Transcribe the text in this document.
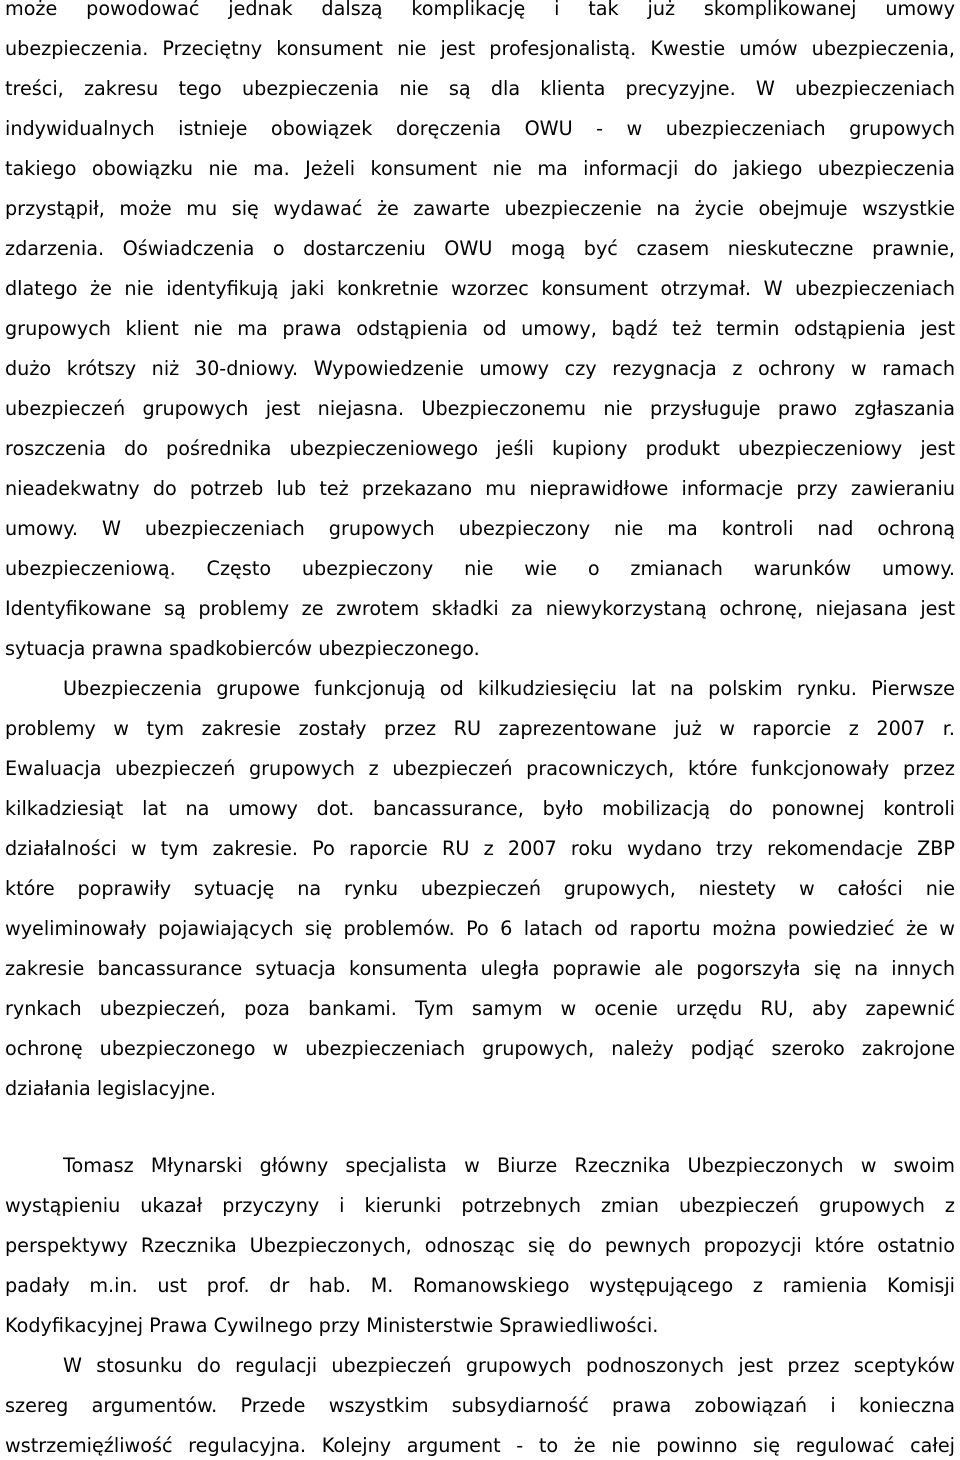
może powodować jednak dalszą komplikację i tak już skomplikowanej umowy
ubezpieczenia. Przeciętny konsument nie jest profesjonalistą. Kwestie umów ubezpieczenia,
treści, zakresu tego ubezpieczenia nie są dla klienta precyzyjne. W ubezpieczeniach
indywidualnych istnieje obowiązek doręczenia OWU - w ubezpieczeniach grupowych
takiego obowiązku nie ma. Jeżeli konsument nie ma informacji do jakiego ubezpieczenia
przystąpił, może mu się wydawać że zawarte ubezpieczenie na życie obejmuje wszystkie
zdarzenia. Oświadczenia o dostarczeniu OWU mogą być czasem nieskuteczne prawnie,
dlatego że nie identyfikują jaki konkretnie wzorzec konsument otrzymał. W ubezpieczeniach
grupowych klient nie ma prawa odstąpienia od umowy, bądź też termin odstąpienia jest
dużo krótszy niż 30-dniowy. Wypowiedzenie umowy czy rezygnacja z ochrony w ramach
ubezpieczeń grupowych jest niejasna. Ubezpieczonemu nie przysługuje prawo zgłaszania
roszczenia do pośrednika ubezpieczeniowego jeśli kupiony produkt ubezpieczeniowy jest
nieadekwatny do potrzeb lub też przekazano mu nieprawidłowe informacje przy zawieraniu
umowy. W ubezpieczeniach grupowych ubezpieczony nie ma kontroli nad ochroną
ubezpieczeniową. Często ubezpieczony nie wie o zmianach warunków umowy.
Identyfikowane są problemy ze zwrotem składki za niewykorzystaną ochronę, niejasana jest
sytuacja prawna spadkobierców ubezpieczonego.
Ubezpieczenia grupowe funkcjonują od kilkudziesięciu lat na polskim rynku. Pierwsze
problemy w tym zakresie zostały przez RU zaprezentowane już w raporcie z 2007 r.
Ewaluacja ubezpieczeń grupowych z ubezpieczeń pracowniczych, które funkcjonowały przez
kilkadziesiąt lat na umowy dot. bancassurance, było mobilizacją do ponownej kontroli
działalności w tym zakresie. Po raporcie RU z 2007 roku wydano trzy rekomendacje ZBP
które poprawiły sytuację na rynku ubezpieczeń grupowych, niestety w całości nie
wyeliminowały pojawiających się problemów. Po 6 latach od raportu można powiedzieć że w
zakresie bancassurance sytuacja konsumenta uległa poprawie ale pogorszyła się na innych
rynkach ubezpieczeń, poza bankami. Tym samym w ocenie urzędu RU, aby zapewnić
ochronę ubezpieczonego w ubezpieczeniach grupowych, należy podjąć szeroko zakrojone
działania legislacyjne.
Tomasz Młynarski główny specjalista w Biurze Rzecznika Ubezpieczonych w swoim
wystąpieniu ukazał przyczyny i kierunki potrzebnych zmian ubezpieczeń grupowych z
perspektywy Rzecznika Ubezpieczonych, odnosząc się do pewnych propozycji które ostatnio
padały m.in. ust prof. dr hab. M. Romanowskiego występującego z ramienia Komisji
Kodyfikacyjnej Prawa Cywilnego przy Ministerstwie Sprawiedliwości.
W stosunku do regulacji ubezpieczeń grupowych podnoszonych jest przez sceptyków
szereg argumentów. Przede wszystkim subsydiarność prawa zobowiązań i konieczna
wstrzemięźliwość regulacyjna. Kolejny argument - to że nie powinno się regulować całej
